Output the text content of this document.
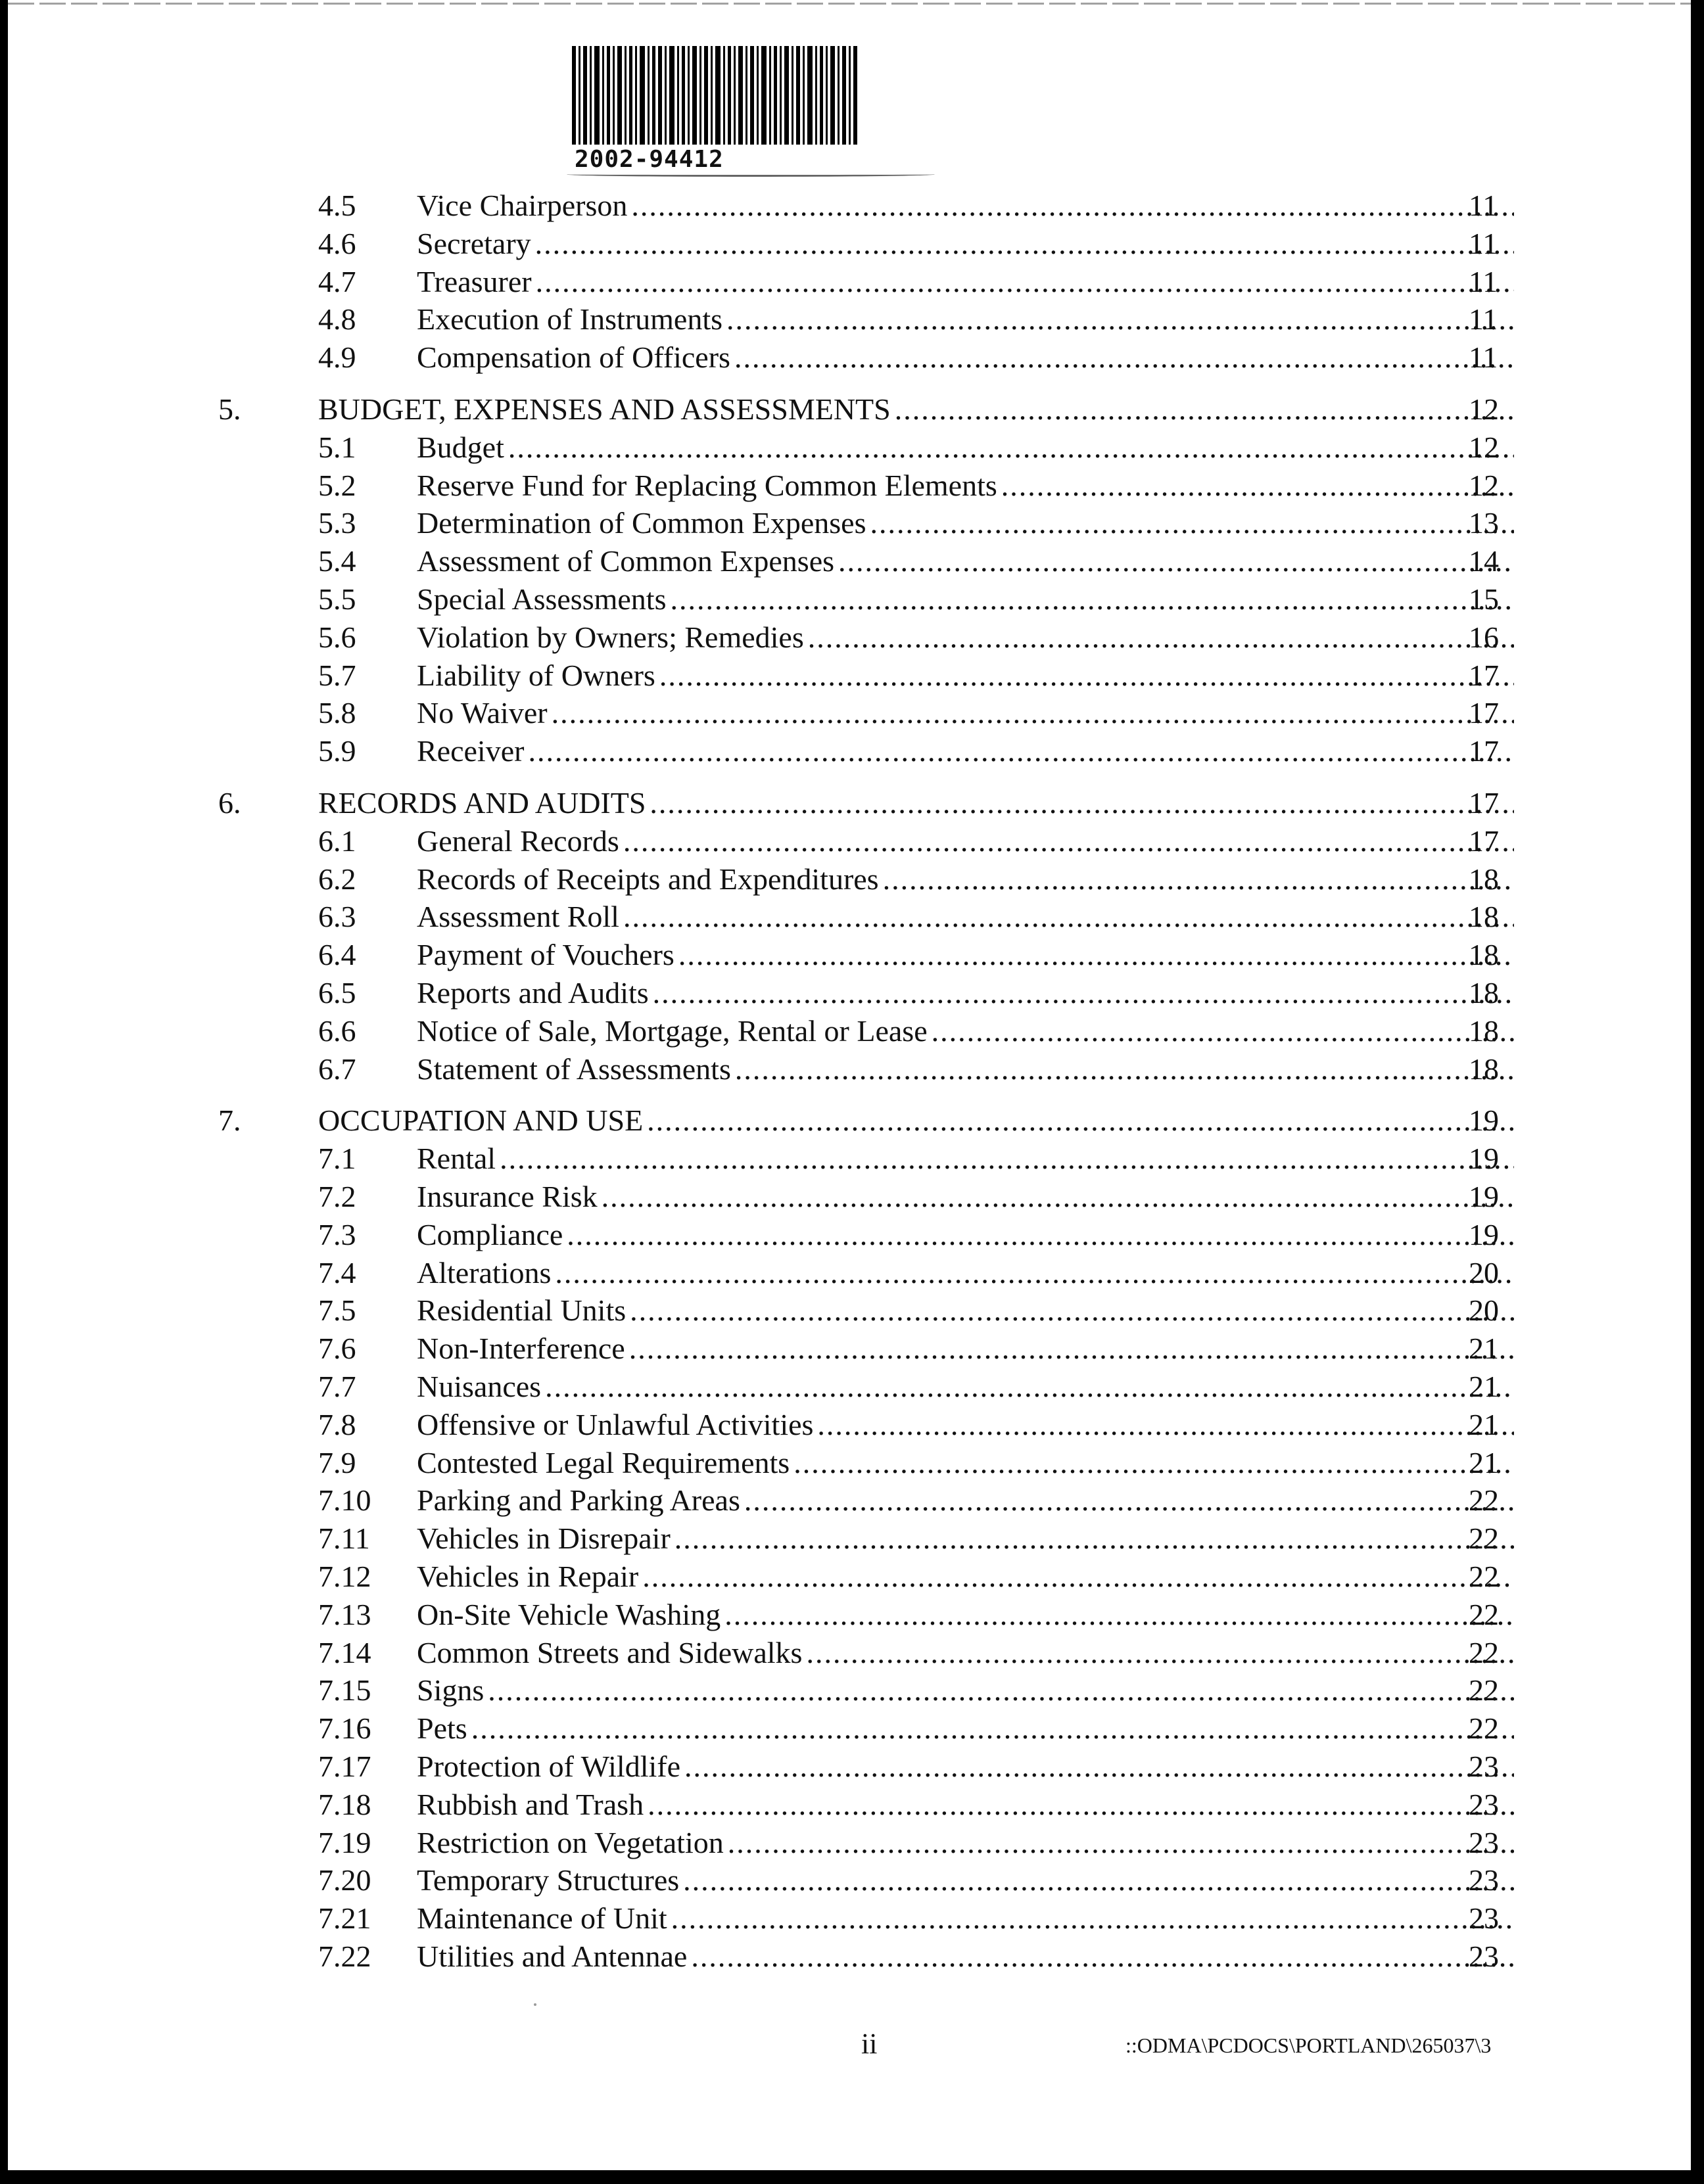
2002-94412
4.5 Vice Chairperson .....	11
4.6 Secretary .....	11
4.7 Treasurer .....	11
4.8 Execution of Instruments .....	11
4.9 Compensation of Officers .....	11
5.	BUDGET, EXPENSES AND ASSESSMENTS .....	12
5.1 Budget .....	12
5.2 Reserve Fund for Replacing Common Elements .....	12
5.3 Determination of Common Expenses .....	13
5.4 Assessment of Common Expenses .....	14
5.5 Special Assessments .....	15
5.6 Violation by Owners; Remedies .....	16
5.7 Liability of Owners .....	17
5.8 No Waiver .....	17
5.9 Receiver .....	17
6.	RECORDS AND AUDITS .....	17
6.1 General Records .....	17
6.2 Records of Receipts and Expenditures .....	18
6.3 Assessment Roll .....	18
6.4 Payment of Vouchers .....	18
6.5 Reports and Audits .....	18
6.6 Notice of Sale, Mortgage, Rental or Lease .....	18
6.7 Statement of Assessments .....	18
7.	OCCUPATION AND USE .....	19
7.1 Rental .....	19
7.2 Insurance Risk .....	19
7.3 Compliance .....	19
7.4 Alterations .....	20
7.5 Residential Units .....	20
7.6 Non-Interference .....	21
7.7 Nuisances .....	21
7.8 Offensive or Unlawful Activities .....	21
7.9 Contested Legal Requirements .....	21
7.10 Parking and Parking Areas .....	22
7.11 Vehicles in Disrepair .....	22
7.12 Vehicles in Repair .....	22
7.13 On-Site Vehicle Washing .....	22
7.14 Common Streets and Sidewalks .....	22
7.15 Signs .....	22
7.16 Pets .....	22
7.17 Protection of Wildlife .....	23
7.18 Rubbish and Trash .....	23
7.19 Restriction on Vegetation .....	23
7.20 Temporary Structures .....	23
7.21 Maintenance of Unit .....	23
7.22 Utilities and Antennae .....	23
ii	::ODMA\PCDOCS\PORTLAND\265037\3
